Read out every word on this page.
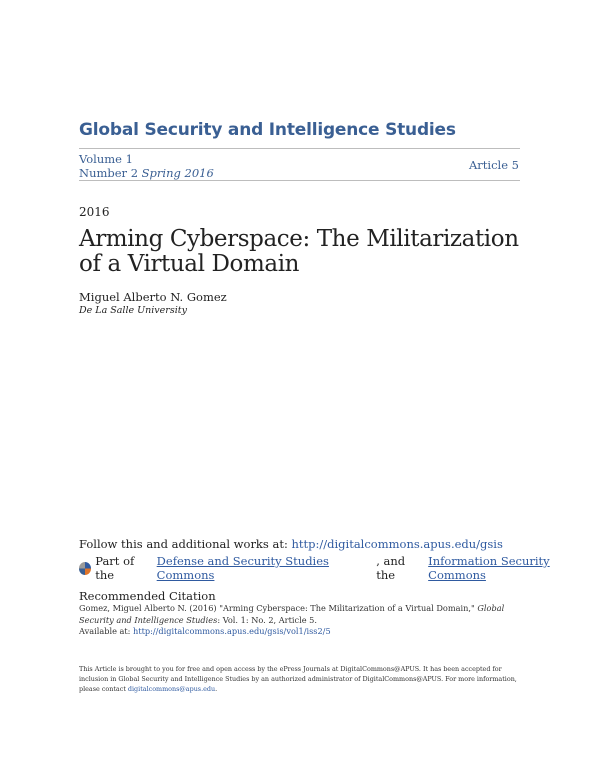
Global Security and Intelligence Studies
Volume 1
Number 2 Spring 2016
Article 5
2016
Arming Cyberspace: The Militarization of a Virtual Domain
Miguel Alberto N. Gomez
De La Salle University
Follow this and additional works at: http://digitalcommons.apus.edu/gsis
Part of the

Defense and Security Studies Commons
, and the

Information Security Commons
Recommended Citation
Gomez, Miguel Alberto N. (2016) "Arming Cyberspace: The Militarization of a Virtual Domain," Global Security and Intelligence Studies: Vol. 1: No. 2, Article 5.
Available at: http://digitalcommons.apus.edu/gsis/vol1/iss2/5
This Article is brought to you for free and open access by the ePress Journals at DigitalCommons@APUS. It has been accepted for inclusion in Global Security and Intelligence Studies by an authorized administrator of DigitalCommons@APUS. For more information, please contact digitalcommons@apus.edu.
